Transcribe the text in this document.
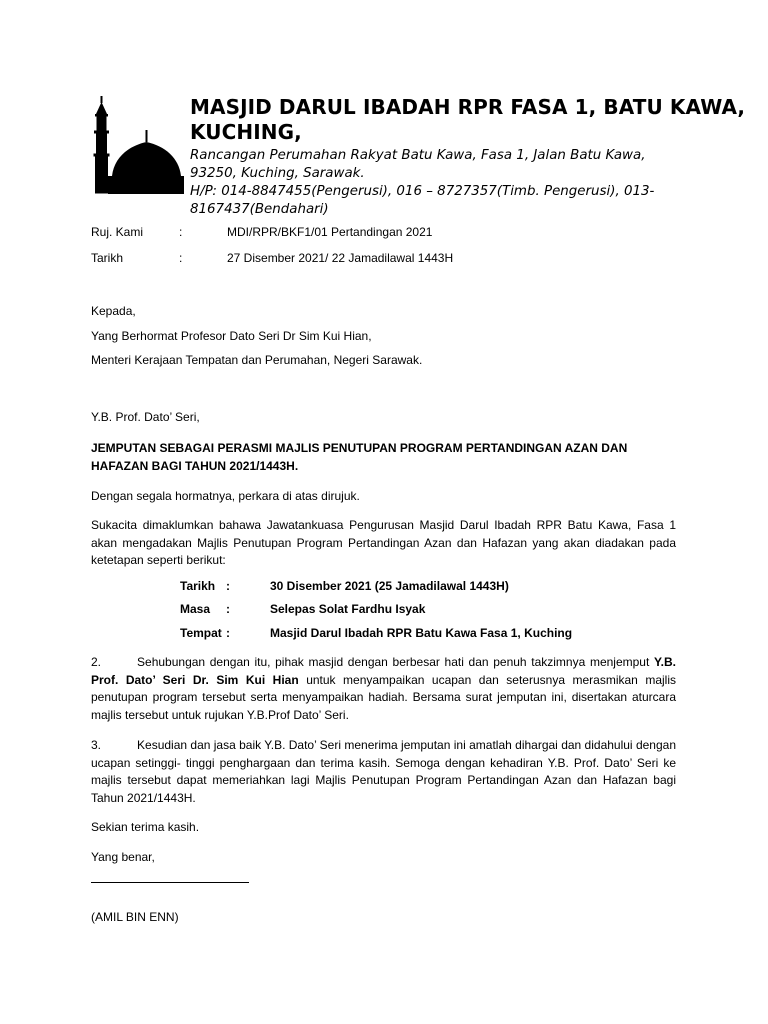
MASJID DARUL IBADAH RPR FASA 1, BATU KAWA, KUCHING,
Rancangan Perumahan Rakyat Batu Kawa, Fasa 1, Jalan Batu Kawa,
93250, Kuching, Sarawak.
H/P: 014-8847455(Pengerusi), 016 – 8727357(Timb. Pengerusi), 013-
8167437(Bendahari)
Ruj. Kami	:	MDI/RPR/BKF1/01 Pertandingan 2021
Tarikh	:	27 Disember 2021/ 22 Jamadilawal 1443H
Kepada,
Yang Berhormat Profesor Dato Seri Dr Sim Kui Hian,
Menteri Kerajaan Tempatan dan Perumahan, Negeri Sarawak.
Y.B. Prof. Dato’ Seri,
JEMPUTAN SEBAGAI PERASMI MAJLIS PENUTUPAN PROGRAM PERTANDINGAN AZAN DAN HAFAZAN BAGI TAHUN 2021/1443H.
Dengan segala hormatnya, perkara di atas dirujuk.
Sukacita dimaklumkan bahawa Jawatankuasa Pengurusan Masjid Darul Ibadah RPR Batu Kawa, Fasa 1 akan mengadakan Majlis Penutupan Program Pertandingan Azan dan Hafazan yang akan diadakan pada ketetapan seperti berikut:
Tarikh :	30 Disember 2021 (25 Jamadilawal 1443H)
Masa :	Selepas Solat Fardhu Isyak
Tempat :	Masjid Darul Ibadah RPR Batu Kawa Fasa 1, Kuching
2.	Sehubungan dengan itu, pihak masjid dengan berbesar hati dan penuh takzimnya menjemput Y.B. Prof. Dato’ Seri Dr. Sim Kui Hian untuk menyampaikan ucapan dan seterusnya merasmikan majlis penutupan program tersebut serta menyampaikan hadiah. Bersama surat jemputan ini, disertakan aturcara majlis tersebut untuk rujukan Y.B.Prof Dato’ Seri.
3.	Kesudian dan jasa baik Y.B. Dato’ Seri menerima jemputan ini amatlah dihargai dan didahului dengan ucapan setinggi- tinggi penghargaan dan terima kasih. Semoga dengan kehadiran Y.B. Prof. Dato’ Seri ke majlis tersebut dapat memeriahkan lagi Majlis Penutupan Program Pertandingan Azan dan Hafazan bagi Tahun 2021/1443H.
Sekian terima kasih.
Yang benar,
(AMIL BIN ENN)
